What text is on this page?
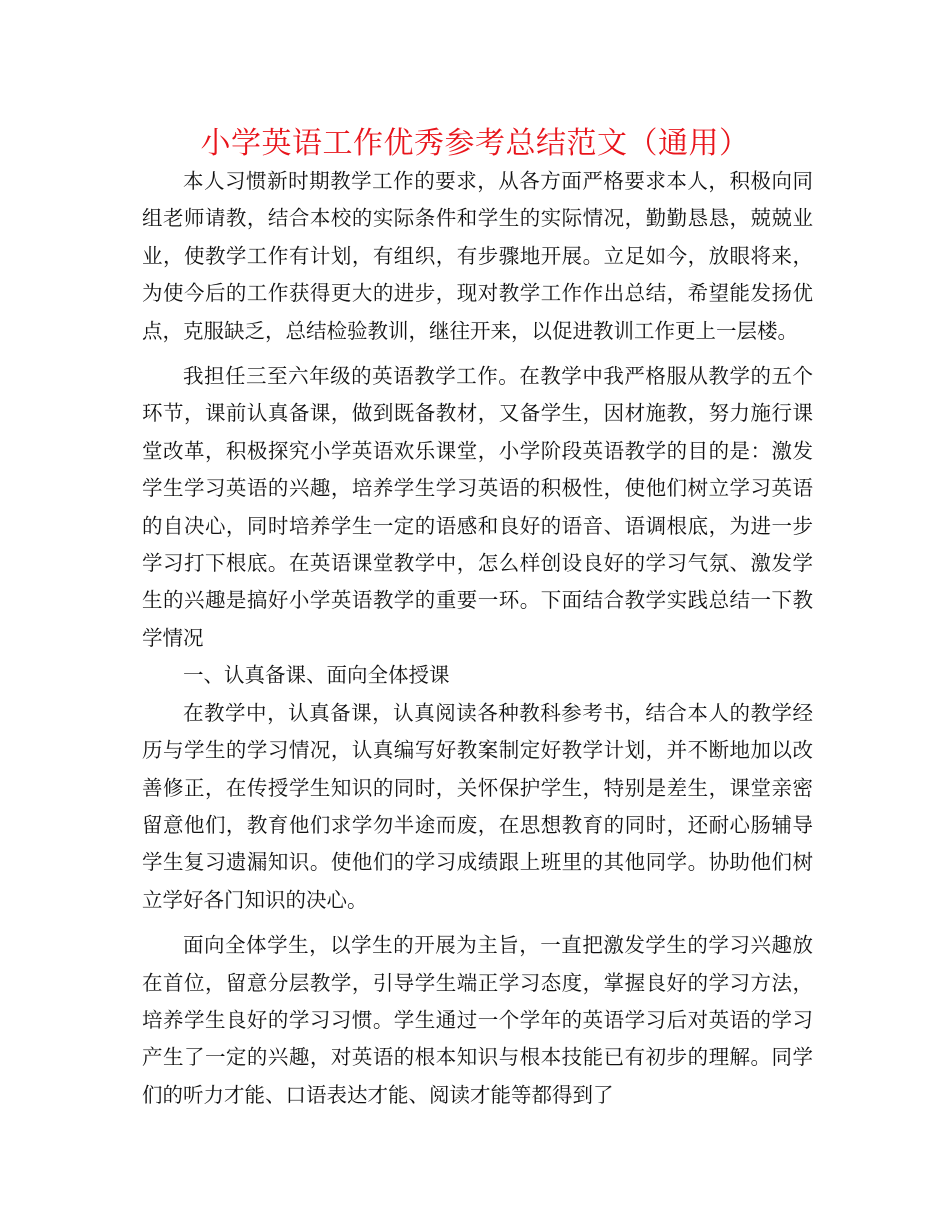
小学英语工作优秀参考总结范文（通用）

本人习惯新时期教学工作的要求，从各方面严格要求本人，积极向同组老师请教，结合本校的实际条件和学生的实际情况，勤勤恳恳，兢兢业业，使教学工作有计划，有组织，有步骤地开展。立足如今，放眼将来，为使今后的工作获得更大的进步，现对教学工作作出总结，希望能发扬优点，克服缺乏，总结检验教训，继往开来，以促进教训工作更上一层楼。

我担任三至六年级的英语教学工作。在教学中我严格服从教学的五个环节，课前认真备课，做到既备教材，又备学生，因材施教，努力施行课堂改革，积极探究小学英语欢乐课堂，小学阶段英语教学的目的是：激发学生学习英语的兴趣，培养学生学习英语的积极性，使他们树立学习英语的自决心，同时培养学生一定的语感和良好的语音、语调根底，为进一步学习打下根底。在英语课堂教学中，怎么样创设良好的学习气氛、激发学生的兴趣是搞好小学英语教学的重要一环。下面结合教学实践总结一下教学情况

一、认真备课、面向全体授课

在教学中，认真备课，认真阅读各种教科参考书，结合本人的教学经历与学生的学习情况，认真编写好教案制定好教学计划，并不断地加以改善修正，在传授学生知识的同时，关怀保护学生，特别是差生，课堂亲密留意他们，教育他们求学勿半途而废，在思想教育的同时，还耐心肠辅导学生复习遗漏知识。使他们的学习成绩跟上班里的其他同学。协助他们树立学好各门知识的决心。

面向全体学生，以学生的开展为主旨，一直把激发学生的学习兴趣放在首位，留意分层教学，引导学生端正学习态度，掌握良好的学习方法，培养学生良好的学习习惯。学生通过一个学年的英语学习后对英语的学习产生了一定的兴趣，对英语的根本知识与根本技能已有初步的理解。同学们的听力才能、口语表达才能、阅读才能等都得到了
